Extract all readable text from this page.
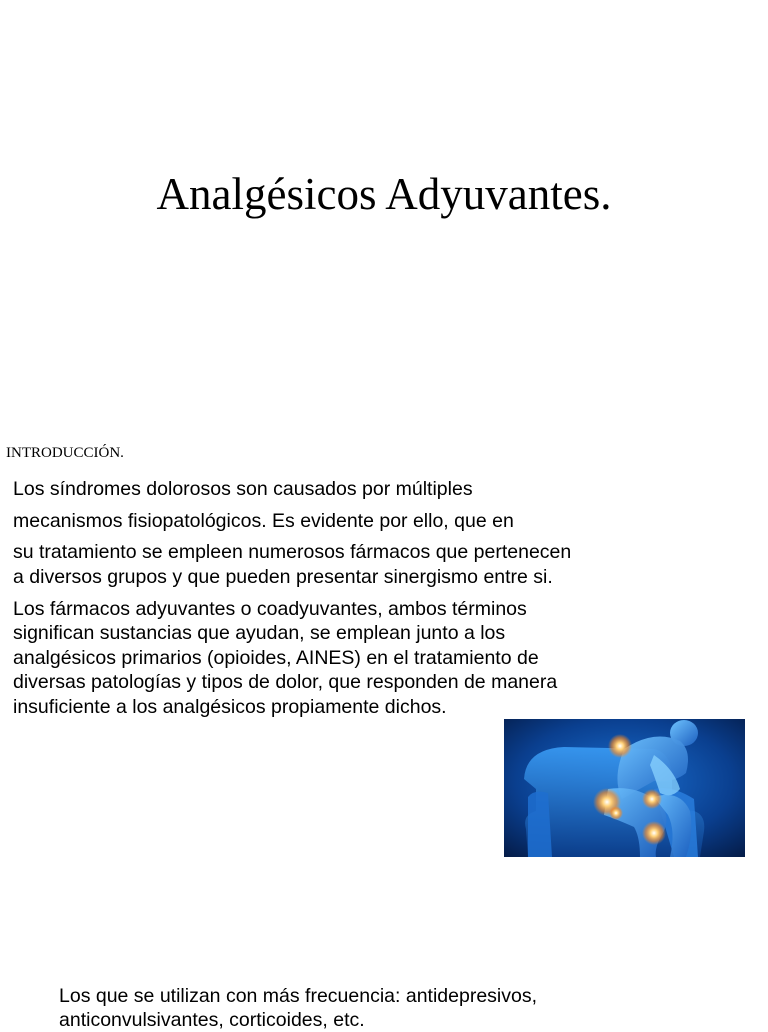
Analgésicos Adyuvantes.
INTRODUCCIÓN.
Los síndromes dolorosos son causados por múltiples
mecanismos fisiopatológicos. Es evidente por ello, que en
su tratamiento se empleen numerosos fármacos que pertenecen
a diversos grupos y que pueden presentar sinergismo entre si.
Los fármacos adyuvantes o coadyuvantes, ambos términos
significan sustancias que ayudan, se emplean junto a los
analgésicos primarios (opioides, AINES) en el tratamiento de
diversas patologías y tipos de dolor, que responden de manera
insuficiente a los analgésicos propiamente dichos.
Los que se utilizan con más frecuencia: antidepresivos,
anticonvulsivantes, corticoides, etc.
